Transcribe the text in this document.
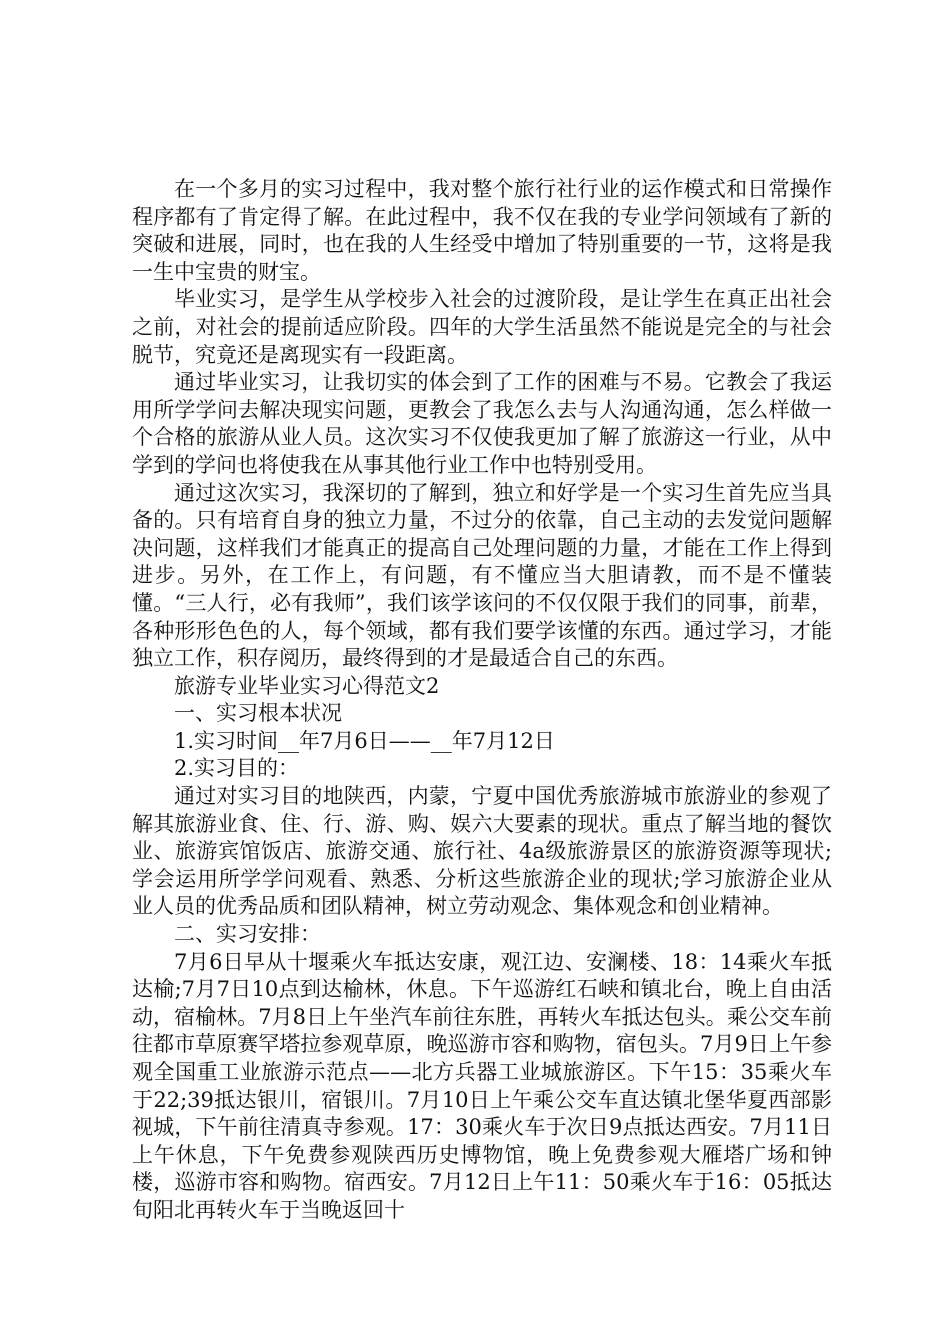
在一个多月的实习过程中，我对整个旅行社行业的运作模式和日常操作程序都有了肯定得了解。在此过程中，我不仅在我的专业学问领域有了新的突破和进展，同时，也在我的人生经受中增加了特别重要的一节，这将是我一生中宝贵的财宝。

毕业实习，是学生从学校步入社会的过渡阶段，是让学生在真正出社会之前，对社会的提前适应阶段。四年的大学生活虽然不能说是完全的与社会脱节，究竟还是离现实有一段距离。

通过毕业实习，让我切实的体会到了工作的困难与不易。它教会了我运用所学学问去解决现实问题，更教会了我怎么去与人沟通沟通，怎么样做一个合格的旅游从业人员。这次实习不仅使我更加了解了旅游这一行业，从中学到的学问也将使我在从事其他行业工作中也特别受用。

通过这次实习，我深切的了解到，独立和好学是一个实习生首先应当具备的。只有培育自身的独立力量，不过分的依靠，自己主动的去发觉问题解决问题，这样我们才能真正的提高自己处理问题的力量，才能在工作上得到进步。另外，在工作上，有问题，有不懂应当大胆请教，而不是不懂装懂。“三人行，必有我师”，我们该学该问的不仅仅限于我们的同事，前辈，各种形形色色的人，每个领域，都有我们要学该懂的东西。通过学习，才能独立工作，积存阅历，最终得到的才是最适合自己的东西。

旅游专业毕业实习心得范文2

一、实习根本状况

1.实习时间__年7月6日——__年7月12日

2.实习目的：

通过对实习目的地陕西，内蒙，宁夏中国优秀旅游城市旅游业的参观了解其旅游业食、住、行、游、购、娱六大要素的现状。重点了解当地的餐饮业、旅游宾馆饭店、旅游交通、旅行社、4a级旅游景区的旅游资源等现状;学会运用所学学问观看、熟悉、分析这些旅游企业的现状;学习旅游企业从业人员的优秀品质和团队精神，树立劳动观念、集体观念和创业精神。

二、实习安排：

7月6日早从十堰乘火车抵达安康，观江边、安澜楼、18：14乘火车抵达榆;7月7日10点到达榆林，休息。下午巡游红石峡和镇北台，晚上自由活动，宿榆林。7月8日上午坐汽车前往东胜，再转火车抵达包头。乘公交车前往都市草原赛罕塔拉参观草原，晚巡游市容和购物，宿包头。7月9日上午参观全国重工业旅游示范点——北方兵器工业城旅游区。下午15：35乘火车于22;39抵达银川，宿银川。7月10日上午乘公交车直达镇北堡华夏西部影视城，下午前往清真寺参观。17：30乘火车于次日9点抵达西安。7月11日上午休息，下午免费参观陕西历史博物馆，晚上免费参观大雁塔广场和钟楼，巡游市容和购物。宿西安。7月12日上午11：50乘火车于16：05抵达旬阳北再转火车于当晚返回十
